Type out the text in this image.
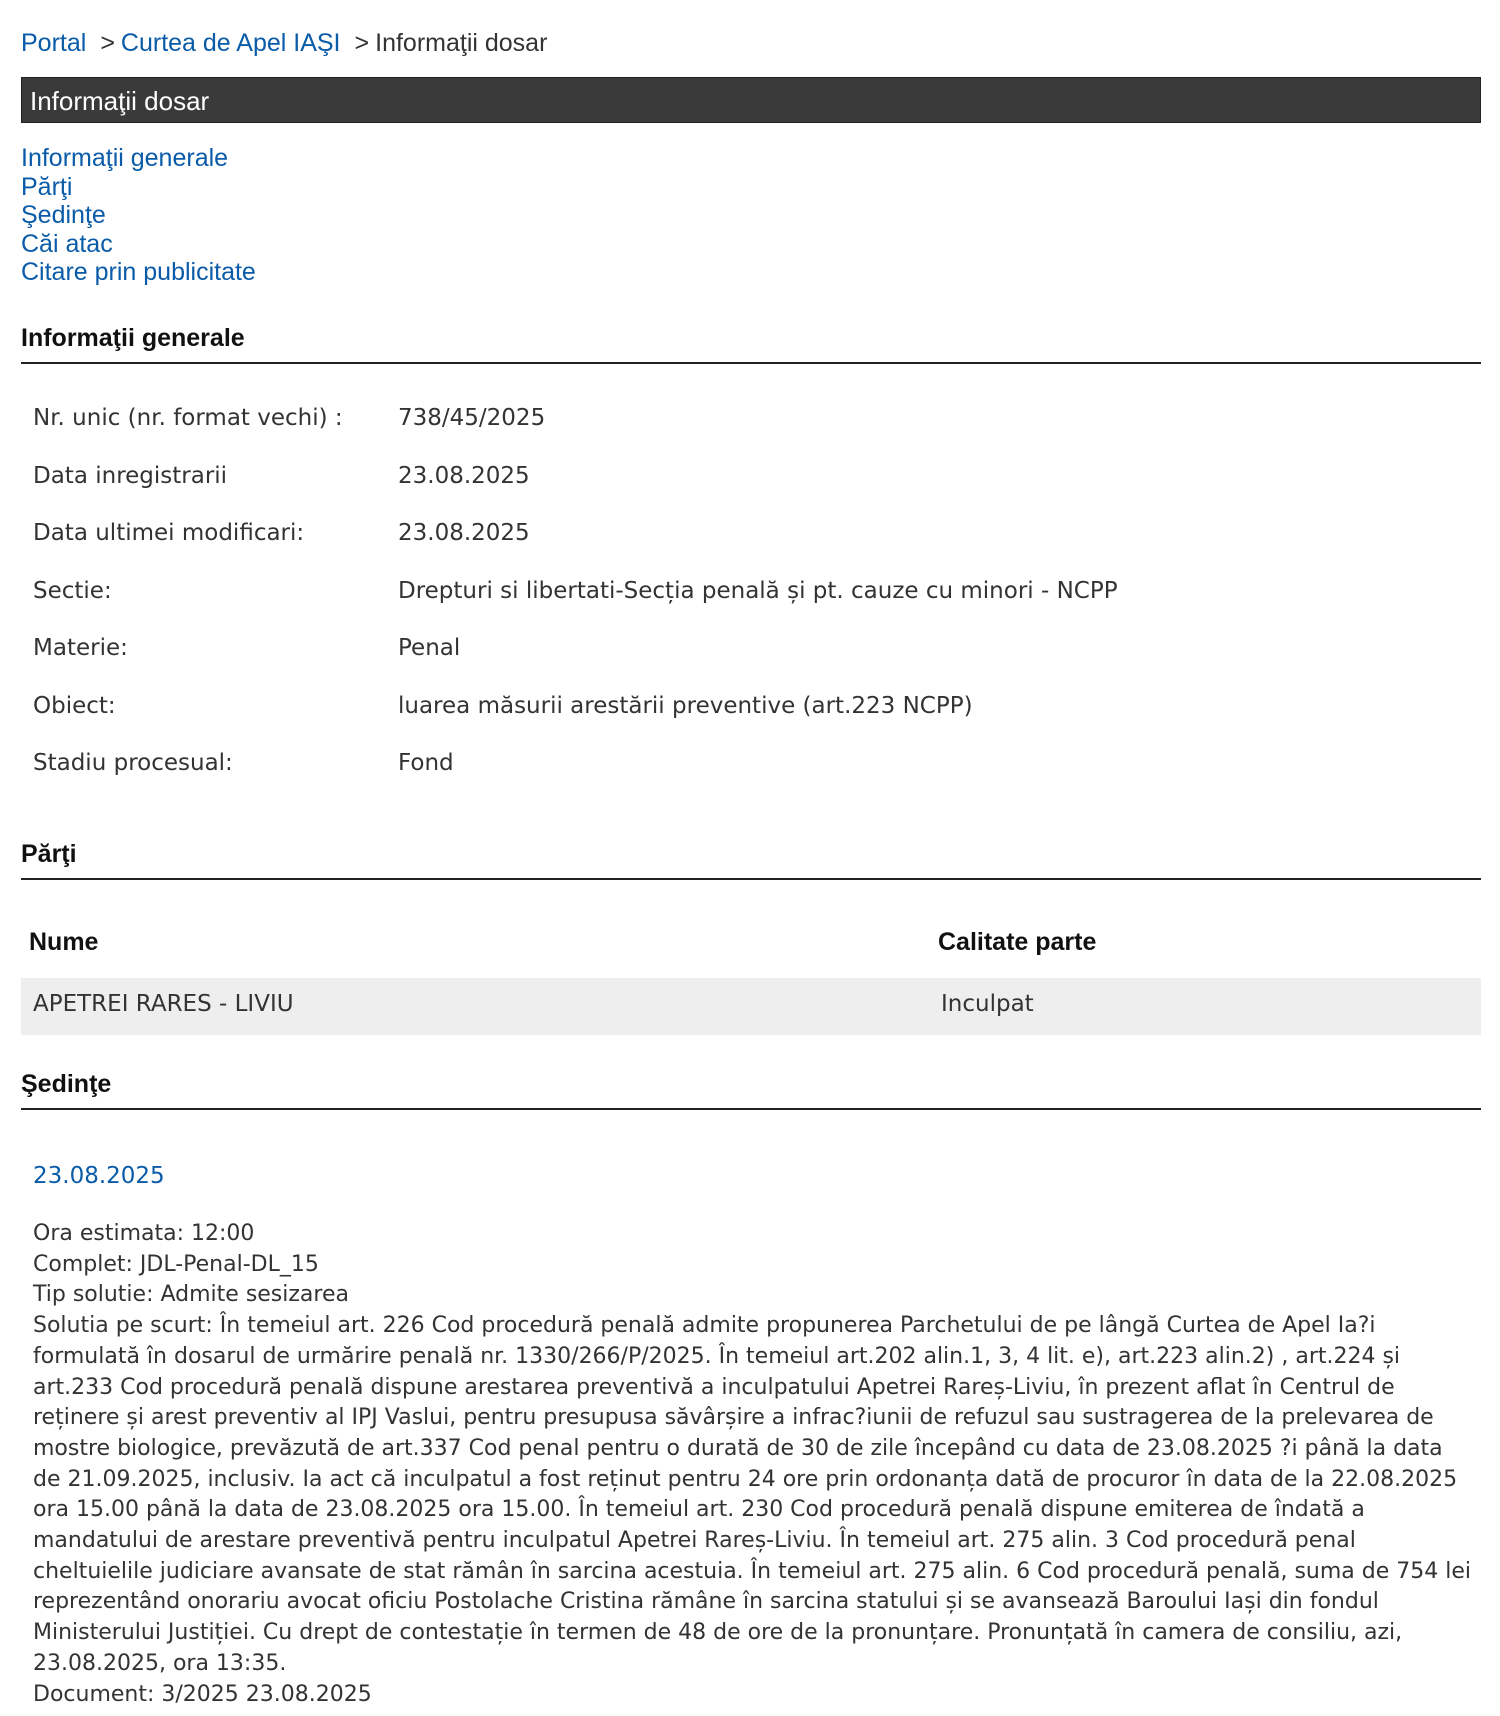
Portal > Curtea de Apel IAŞI > Informaţii dosar
Informaţii dosar
Informaţii generale
Părţi
Şedinţe
Căi atac
Citare prin publicitate
Informaţii generale
Nr. unic (nr. format vechi) : 738/45/2025
Data inregistrarii	23.08.2025
Data ultimei modificari:	23.08.2025
Sectie:	Drepturi si libertati-Secția penală și pt. cauze cu minori - NCPP
Materie:	Penal
Obiect:	luarea măsurii arestării preventive (art.223 NCPP)
Stadiu procesual:	Fond
Părţi
Nume	Calitate parte
APETREI RARES - LIVIU	Inculpat
Şedinţe
23.08.2025
Ora estimata: 12:00
Complet: JDL-Penal-DL_15
Tip solutie: Admite sesizarea
Solutia pe scurt: În temeiul art. 226 Cod procedură penală admite propunerea Parchetului de pe lângă Curtea de Apel Ia?i formulată în dosarul de urmărire penală nr. 1330/266/P/2025. În temeiul art.202 alin.1, 3, 4 lit. e), art.223 alin.2) , art.224 și art.233 Cod procedură penală dispune arestarea preventivă a inculpatului Apetrei Rareș-Liviu, în prezent aflat în Centrul de reținere și arest preventiv al IPJ Vaslui, pentru presupusa săvârșire a infrac?iunii de refuzul sau sustragerea de la prelevarea de mostre biologice, prevăzută de art.337 Cod penal pentru o durată de 30 de zile începând cu data de 23.08.2025 ?i până la data de 21.09.2025, inclusiv. Ia act că inculpatul a fost reținut pentru 24 ore prin ordonanța dată de procuror în data de la 22.08.2025 ora 15.00 până la data de 23.08.2025 ora 15.00. În temeiul art. 230 Cod procedură penală dispune emiterea de îndată a mandatului de arestare preventivă pentru inculpatul Apetrei Rareș-Liviu. În temeiul art. 275 alin. 3 Cod procedură penal cheltuielile judiciare avansate de stat rămân în sarcina acestuia. În temeiul art. 275 alin. 6 Cod procedură penală, suma de 754 lei reprezentând onorariu avocat oficiu Postolache Cristina rămâne în sarcina statului și se avansează Baroului Iași din fondul Ministerului Justiției. Cu drept de contestație în termen de 48 de ore de la pronunțare. Pronunțată în camera de consiliu, azi, 23.08.2025, ora 13:35.
Document: 3/2025 23.08.2025
